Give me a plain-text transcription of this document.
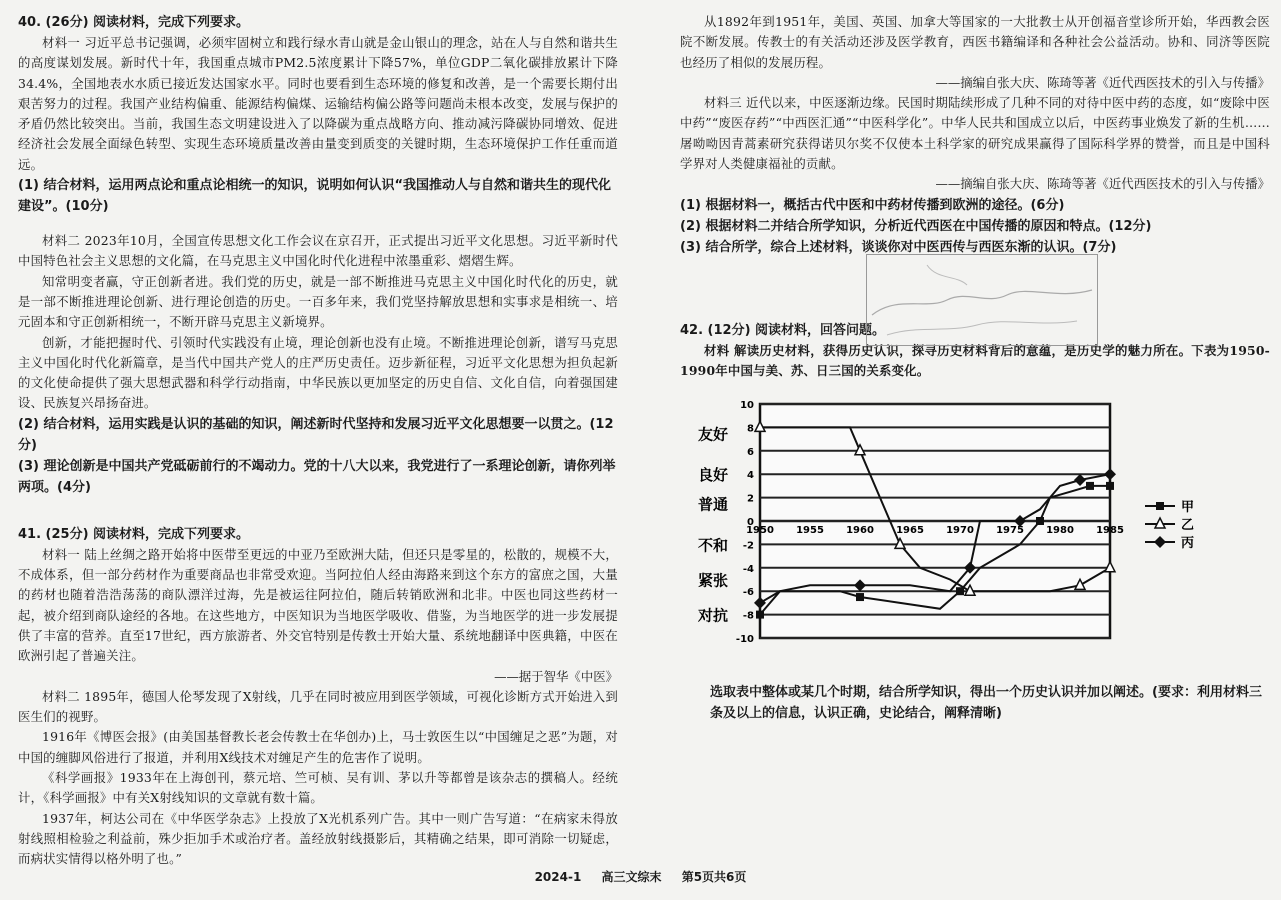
40. (26分) 阅读材料，完成下列要求。

材料一 习近平总书记强调，必须牢固树立和践行绿水青山就是金山银山的理念，站在人与自然和谐共生的高度谋划发展。新时代十年，我国重点城市PM2.5浓度累计下降57%，单位GDP二氧化碳排放累计下降34.4%，全国地表水水质已接近发达国家水平。同时也要看到生态环境的修复和改善，是一个需要长期付出艰苦努力的过程。我国产业结构偏重、能源结构偏煤、运输结构偏公路等问题尚未根本改变，发展与保护的矛盾仍然比较突出。当前，我国生态文明建设进入了以降碳为重点战略方向、推动减污降碳协同增效、促进经济社会发展全面绿色转型、实现生态环境质量改善由量变到质变的关键时期，生态环境保护工作任重而道远。

(1) 结合材料，运用两点论和重点论相统一的知识，说明如何认识“我国推动人与自然和谐共生的现代化建设”。(10分)

材料二 2023年10月，全国宣传思想文化工作会议在京召开，正式提出习近平文化思想。习近平新时代中国特色社会主义思想的文化篇，在马克思主义中国化时代化进程中浓墨重彩、熠熠生辉。

知常明变者赢，守正创新者进。我们党的历史，就是一部不断推进马克思主义中国化时代化的历史，就是一部不断推进理论创新、进行理论创造的历史。一百多年来，我们党坚持解放思想和实事求是相统一、培元固本和守正创新相统一，不断开辟马克思主义新境界。

创新，才能把握时代、引领时代实践没有止境，理论创新也没有止境。不断推进理论创新，谱写马克思主义中国化时代化新篇章，是当代中国共产党人的庄严历史责任。迈步新征程，习近平文化思想为担负起新的文化使命提供了强大思想武器和科学行动指南，中华民族以更加坚定的历史自信、文化自信，向着强国建设、民族复兴昂扬奋进。

(2) 结合材料，运用实践是认识的基础的知识，阐述新时代坚持和发展习近平文化思想要一以贯之。(12分)

(3) 理论创新是中国共产党砥砺前行的不竭动力。党的十八大以来，我党进行了一系理论创新，请你列举两项。(4分)

41. (25分) 阅读材料，完成下列要求。

材料一 陆上丝绸之路开始将中医带至更远的中亚乃至欧洲大陆，但还只是零星的，松散的，规模不大，不成体系，但一部分药材作为重要商品也非常受欢迎。当阿拉伯人经由海路来到这个东方的富庶之国，大量的药材也随着浩浩荡荡的商队漂洋过海，先是被运往阿拉伯，随后转销欧洲和北非。中医也同这些药材一起，被介绍到商队途经的各地。在这些地方，中医知识为当地医学吸收、借鉴，为当地医学的进一步发展提供了丰富的营养。直至17世纪，西方旅游者、外交官特别是传教士开始大量、系统地翻译中医典籍，中医在欧洲引起了普遍关注。

——据于智华《中医》

材料二 1895年，德国人伦琴发现了X射线，几乎在同时被应用到医学领域，可视化诊断方式开始进入到医生们的视野。

1916年《博医会报》(由美国基督教长老会传教士在华创办)上，马士敦医生以“中国缠足之恶”为题，对中国的缠脚风俗进行了报道，并利用X线技术对缠足产生的危害作了说明。

《科学画报》1933年在上海创刊，蔡元培、竺可桢、吴有训、茅以升等都曾是该杂志的撰稿人。经统计，《科学画报》中有关X射线知识的文章就有数十篇。

1937年，柯达公司在《中华医学杂志》上投放了X光机系列广告。其中一则广告写道：“在病家未得放射线照相检验之利益前，殊少拒加手术或治疗者。盖经放射线摄影后，其精确之结果，即可消除一切疑虑，而病状实情得以格外明了也。”

从1892年到1951年，美国、英国、加拿大等国家的一大批教士从开创福音堂诊所开始，华西教会医院不断发展。传教士的有关活动还涉及医学教育，西医书籍编译和各种社会公益活动。协和、同济等医院也经历了相似的发展历程。

——摘编自张大庆、陈琦等著《近代西医技术的引入与传播》

材料三 近代以来，中医逐渐边缘。民国时期陆续形成了几种不同的对待中医中药的态度，如“废除中医中药”“废医存药”“中西医汇通”“中医科学化”。中华人民共和国成立以后，中医药事业焕发了新的生机……屠呦呦因青蒿素研究获得诺贝尔奖不仅使本土科学家的研究成果赢得了国际科学界的赞誉，而且是中国科学界对人类健康福祉的贡献。

——摘编自张大庆、陈琦等著《近代西医技术的引入与传播》

(1) 根据材料一，概括古代中医和中药材传播到欧洲的途径。(6分)

(2) 根据材料二并结合所学知识，分析近代西医在中国传播的原因和特点。(12分)

(3) 结合所学，综合上述材料，谈谈你对中医西传与西医东渐的认识。(7分)

42. (12分) 阅读材料，回答问题。

材料 解读历史材料，获得历史认识，探寻历史材料背后的意蕴，是历史学的魅力所在。下表为1950-1990年中国与美、苏、日三国的关系变化。

10
8
6
4
2
0
-2
-4
-6
-8
-10
1950 1955 1960 1965 1970 1975 1980 1985
友好
良好
普通
不和
紧张
对抗
甲
乙
丙

选取表中整体或某几个时期，结合所学知识，得出一个历史认识并加以阐述。(要求：利用材料三条及以上的信息，认识正确，史论结合，阐释清晰)

2024-1 高三文综末 第5页共6页
